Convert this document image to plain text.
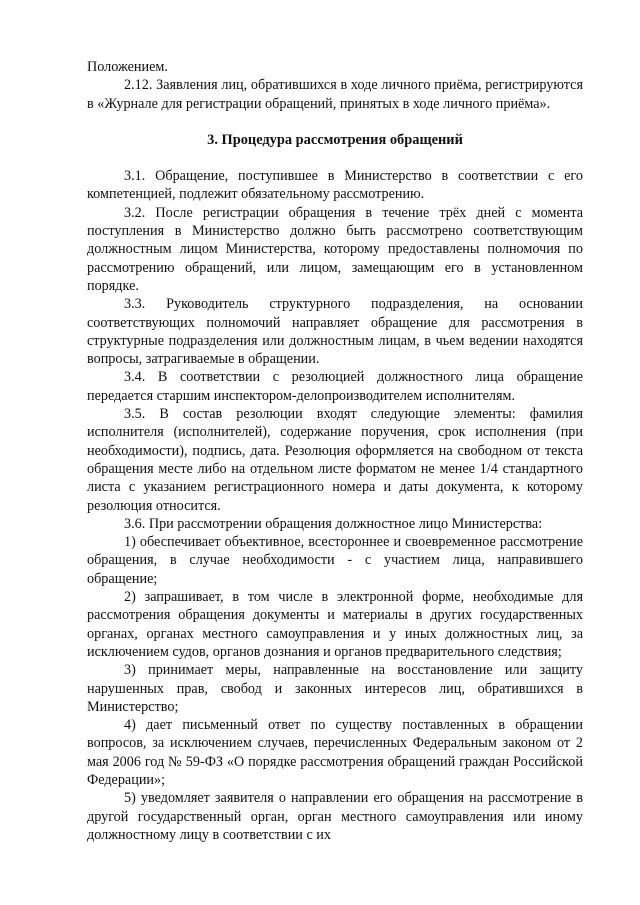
Положением.

2.12. Заявления лиц, обратившихся в ходе личного приёма, регистрируются в «Журнале для регистрации обращений, принятых в ходе личного приёма».

3. Процедура рассмотрения обращений

3.1. Обращение, поступившее в Министерство в соответствии с его компетенцией, подлежит обязательному рассмотрению.

3.2. После регистрации обращения в течение трёх дней с момента поступления в Министерство должно быть рассмотрено соответствующим должностным лицом Министерства, которому предоставлены полномочия по рассмотрению обращений, или лицом, замещающим его в установленном порядке.

3.3. Руководитель структурного подразделения, на основании соответствующих полномочий направляет обращение для рассмотрения в структурные подразделения или должностным лицам, в чьем ведении находятся вопросы, затрагиваемые в обращении.

3.4. В соответствии с резолюцией должностного лица обращение передается старшим инспектором-делопроизводителем исполнителям.

3.5. В состав резолюции входят следующие элементы: фамилия исполнителя (исполнителей), содержание поручения, срок исполнения (при необходимости), подпись, дата. Резолюция оформляется на свободном от текста обращения месте либо на отдельном листе форматом не менее 1/4 стандартного листа с указанием регистрационного номера и даты документа, к которому резолюция относится.

3.6. При рассмотрении обращения должностное лицо Министерства:

1) обеспечивает объективное, всестороннее и своевременное рассмотрение обращения, в случае необходимости - с участием лица, направившего обращение;

2) запрашивает, в том числе в электронной форме, необходимые для рассмотрения обращения документы и материалы в других государственных органах, органах местного самоуправления и у иных должностных лиц, за исключением судов, органов дознания и органов предварительного следствия;

3) принимает меры, направленные на восстановление или защиту нарушенных прав, свобод и законных интересов лиц, обратившихся в Министерство;

4) дает письменный ответ по существу поставленных в обращении вопросов, за исключением случаев, перечисленных Федеральным законом от 2 мая 2006 год № 59-ФЗ «О порядке рассмотрения обращений граждан Российской Федерации»;

5) уведомляет заявителя о направлении его обращения на рассмотрение в другой государственный орган, орган местного самоуправления или иному должностному лицу в соответствии с их
